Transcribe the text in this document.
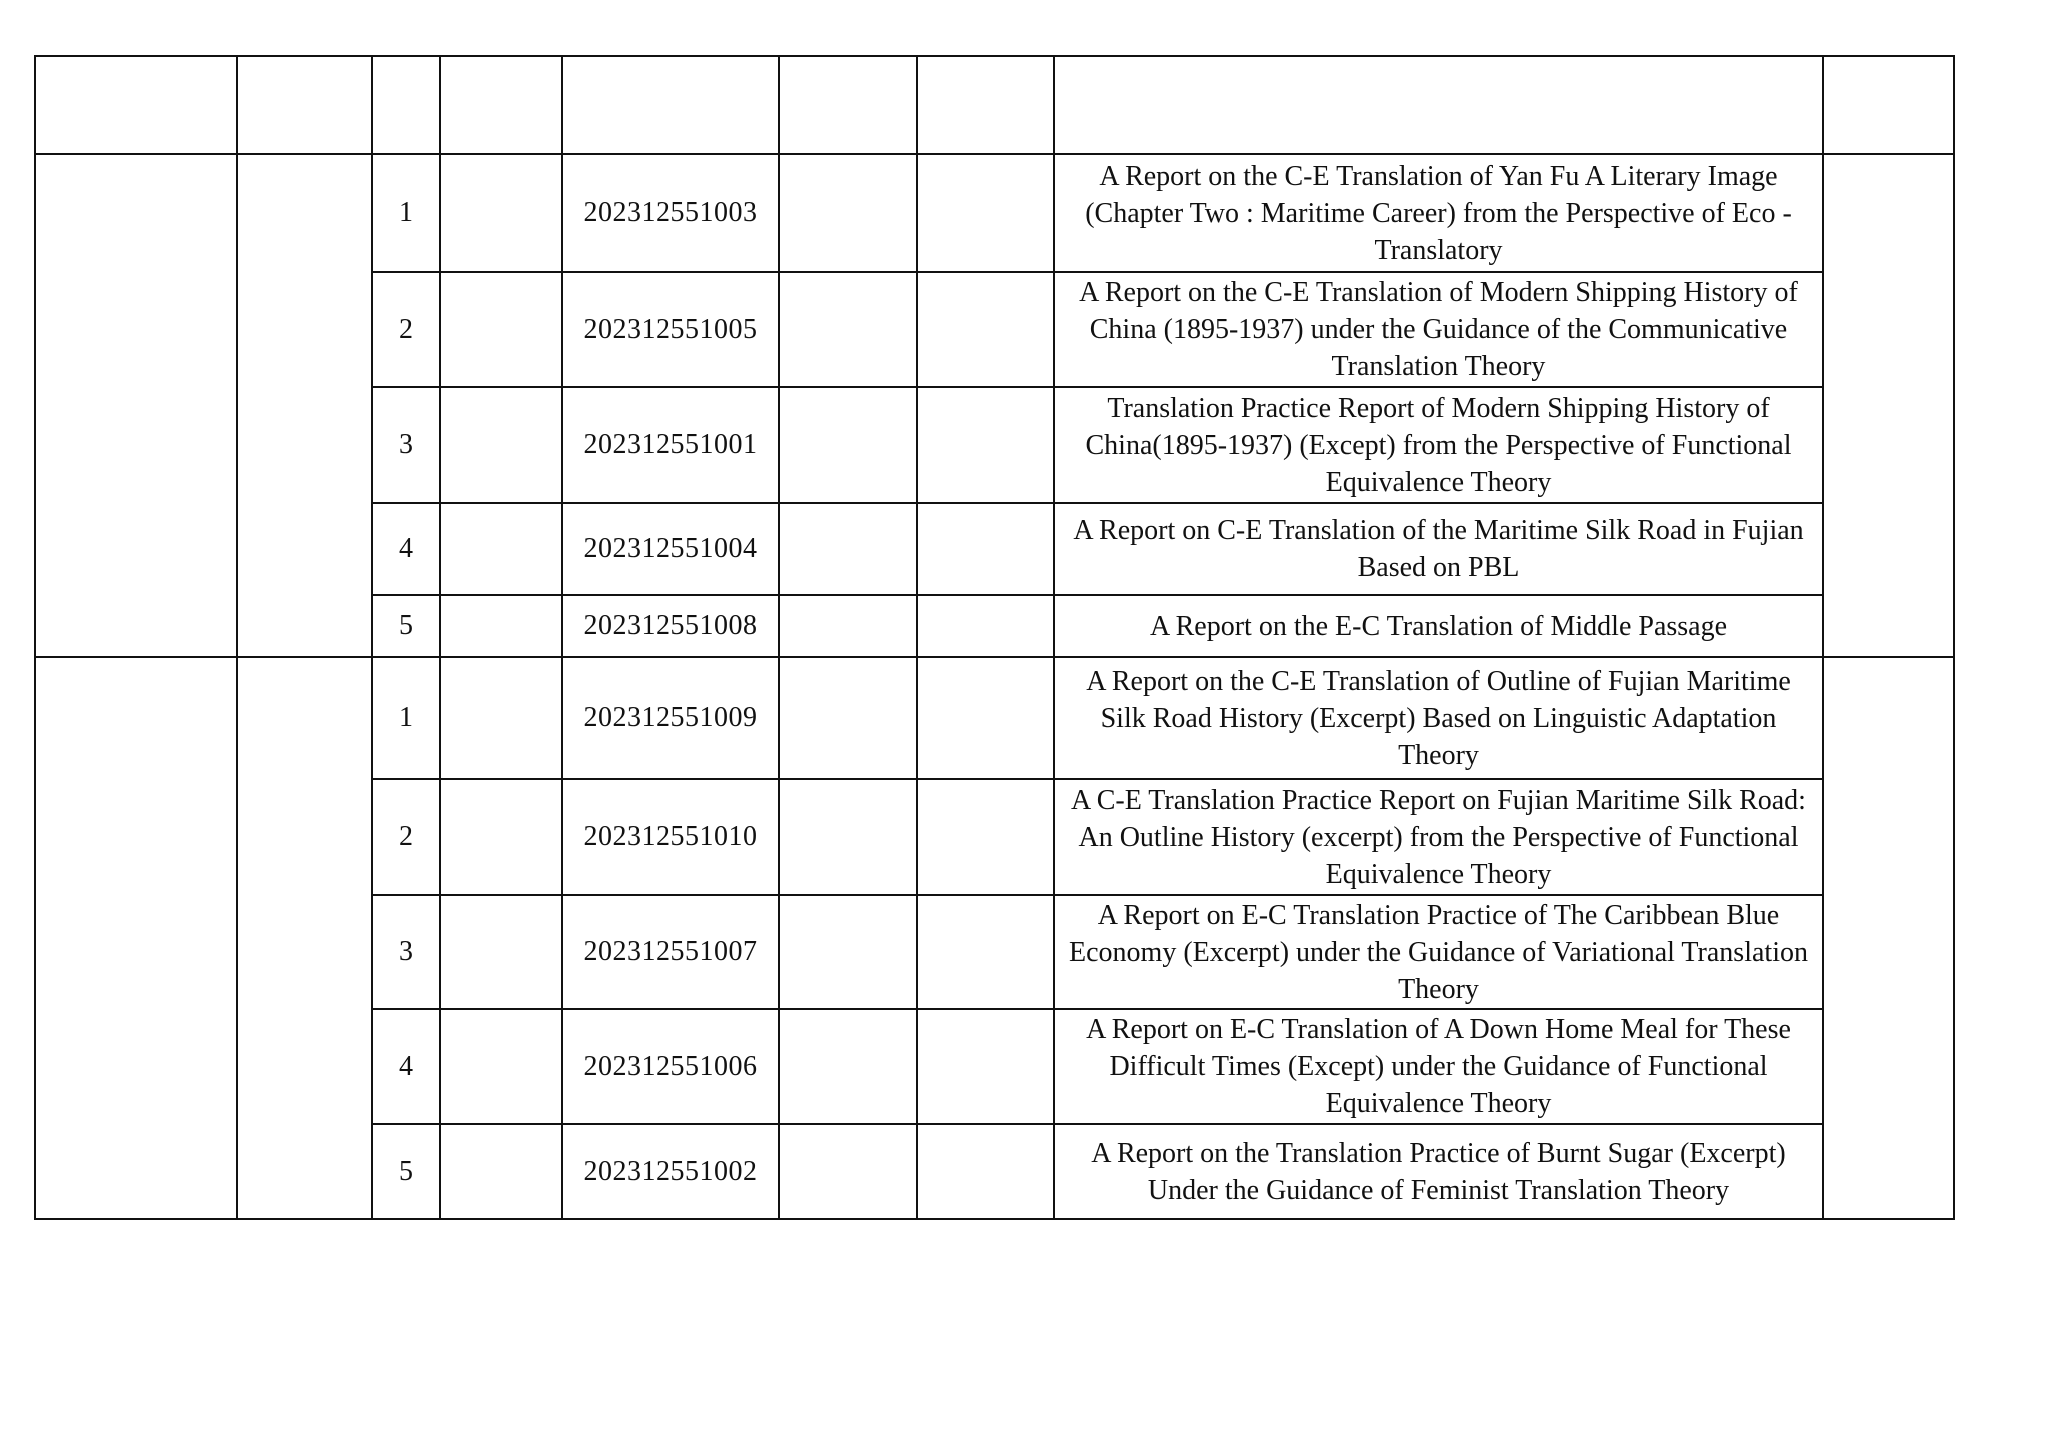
		1		202312551003			A Report on the C-E Translation of Yan Fu A Literary Image (Chapter Two : Maritime Career) from the Perspective of Eco - Translatory	
		2		202312551005			A Report on the C-E Translation of Modern Shipping History of China (1895-1937) under the Guidance of the Communicative Translation Theory	
		3		202312551001			Translation Practice Report of Modern Shipping History of China(1895-1937) (Except) from the Perspective of Functional Equivalence Theory	
		4		202312551004			A Report on C-E Translation of the Maritime Silk Road in Fujian Based on PBL	
		5		202312551008			A Report on the E-C Translation of Middle Passage	
		1		202312551009			A Report on the C-E Translation of Outline of Fujian Maritime Silk Road History (Excerpt) Based on Linguistic Adaptation Theory	
		2		202312551010			A C-E Translation Practice Report on Fujian Maritime Silk Road: An Outline History (excerpt) from the Perspective of Functional Equivalence Theory	
		3		202312551007			A Report on E-C Translation Practice of The Caribbean Blue Economy (Excerpt) under the Guidance of Variational Translation Theory	
		4		202312551006			A Report on E-C Translation of A Down Home Meal for These Difficult Times (Except) under the Guidance of Functional Equivalence Theory	
		5		202312551002			A Report on the Translation Practice of Burnt Sugar (Excerpt) Under the Guidance of Feminist Translation Theory	
